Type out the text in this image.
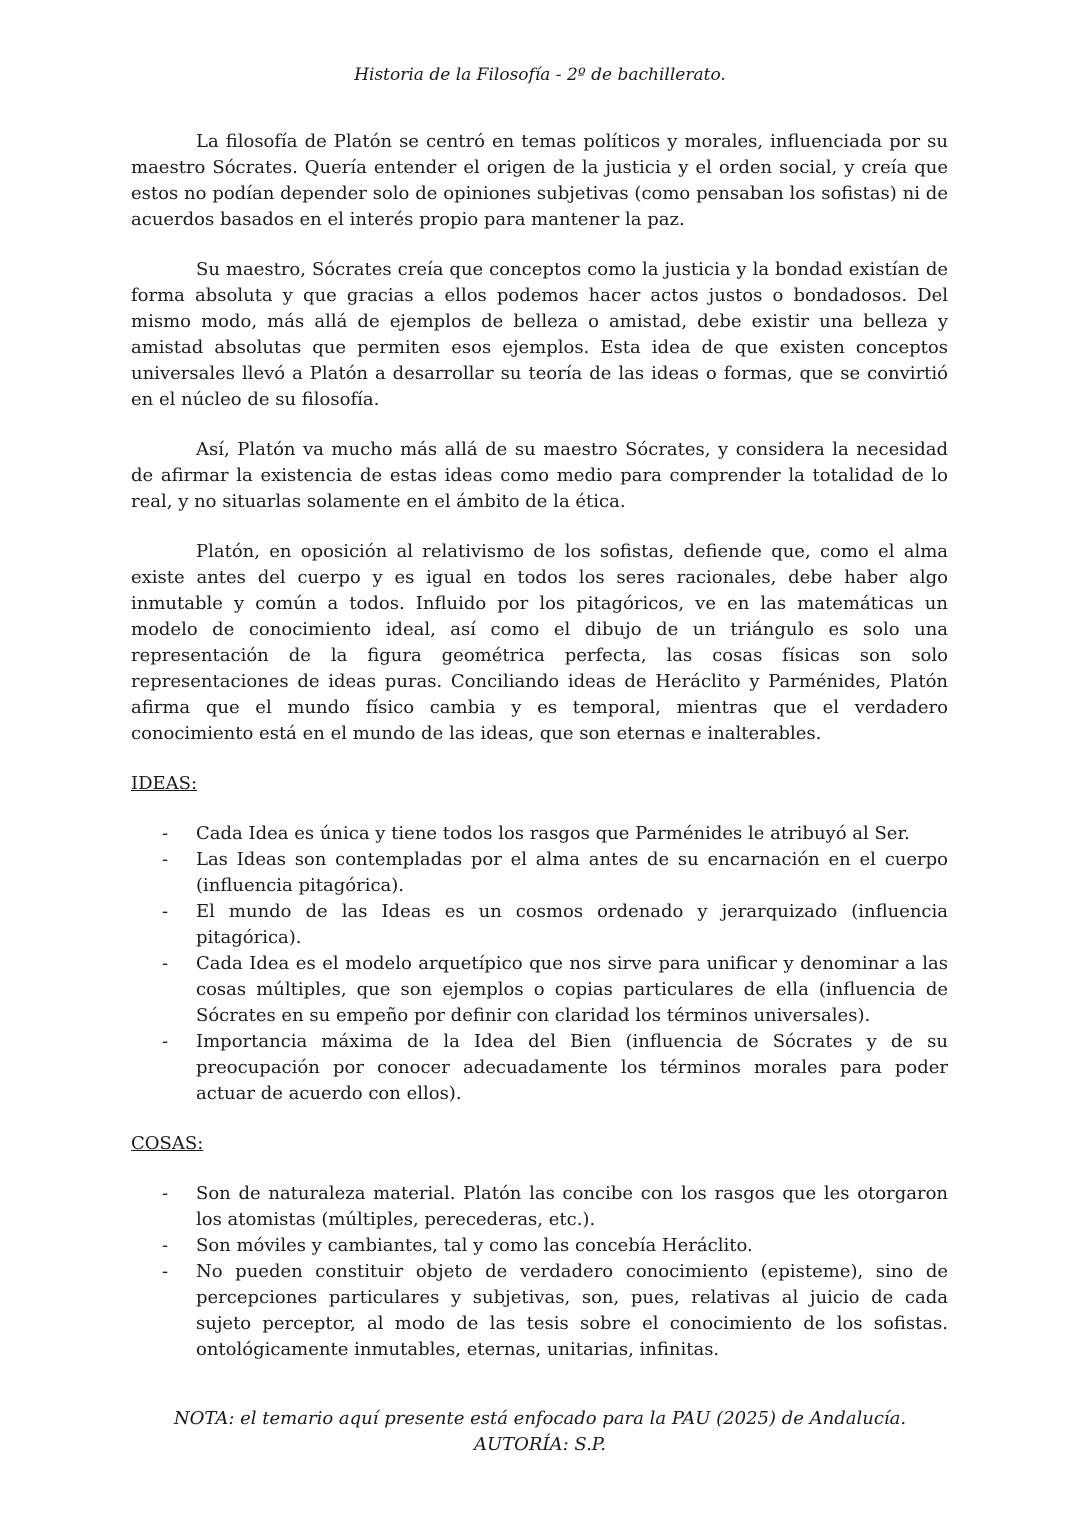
Historia de la Filosofía - 2º de bachillerato.

La filosofía de Platón se centró en temas políticos y morales, influenciada por su maestro Sócrates. Quería entender el origen de la justicia y el orden social, y creía que estos no podían depender solo de opiniones subjetivas (como pensaban los sofistas) ni de acuerdos basados en el interés propio para mantener la paz.

Su maestro, Sócrates creía que conceptos como la justicia y la bondad existían de forma absoluta y que gracias a ellos podemos hacer actos justos o bondadosos. Del mismo modo, más allá de ejemplos de belleza o amistad, debe existir una belleza y amistad absolutas que permiten esos ejemplos. Esta idea de que existen conceptos universales llevó a Platón a desarrollar su teoría de las ideas o formas, que se convirtió en el núcleo de su filosofía.

Así, Platón va mucho más allá de su maestro Sócrates, y considera la necesidad de afirmar la existencia de estas ideas como medio para comprender la totalidad de lo real, y no situarlas solamente en el ámbito de la ética.

Platón, en oposición al relativismo de los sofistas, defiende que, como el alma existe antes del cuerpo y es igual en todos los seres racionales, debe haber algo inmutable y común a todos. Influido por los pitagóricos, ve en las matemáticas un modelo de conocimiento ideal, así como el dibujo de un triángulo es solo una representación de la figura geométrica perfecta, las cosas físicas son solo representaciones de ideas puras. Conciliando ideas de Heráclito y Parménides, Platón afirma que el mundo físico cambia y es temporal, mientras que el verdadero conocimiento está en el mundo de las ideas, que son eternas e inalterables.

IDEAS:
- Cada Idea es única y tiene todos los rasgos que Parménides le atribuyó al Ser.
- Las Ideas son contempladas por el alma antes de su encarnación en el cuerpo (influencia pitagórica).
- El mundo de las Ideas es un cosmos ordenado y jerarquizado (influencia pitagórica).
- Cada Idea es el modelo arquetípico que nos sirve para unificar y denominar a las cosas múltiples, que son ejemplos o copias particulares de ella (influencia de Sócrates en su empeño por definir con claridad los términos universales).
- Importancia máxima de la Idea del Bien (influencia de Sócrates y de su preocupación por conocer adecuadamente los términos morales para poder actuar de acuerdo con ellos).
COSAS:
- Son de naturaleza material. Platón las concibe con los rasgos que les otorgaron los atomistas (múltiples, perecederas, etc.).
- Son móviles y cambiantes, tal y como las concebía Heráclito.
- No pueden constituir objeto de verdadero conocimiento (episteme), sino de percepciones particulares y subjetivas, son, pues, relativas al juicio de cada sujeto perceptor, al modo de las tesis sobre el conocimiento de los sofistas. ontológicamente inmutables, eternas, unitarias, infinitas.
NOTA: el temario aquí presente está enfocado para la PAU (2025) de Andalucía.
AUTORÍA: S.P.
